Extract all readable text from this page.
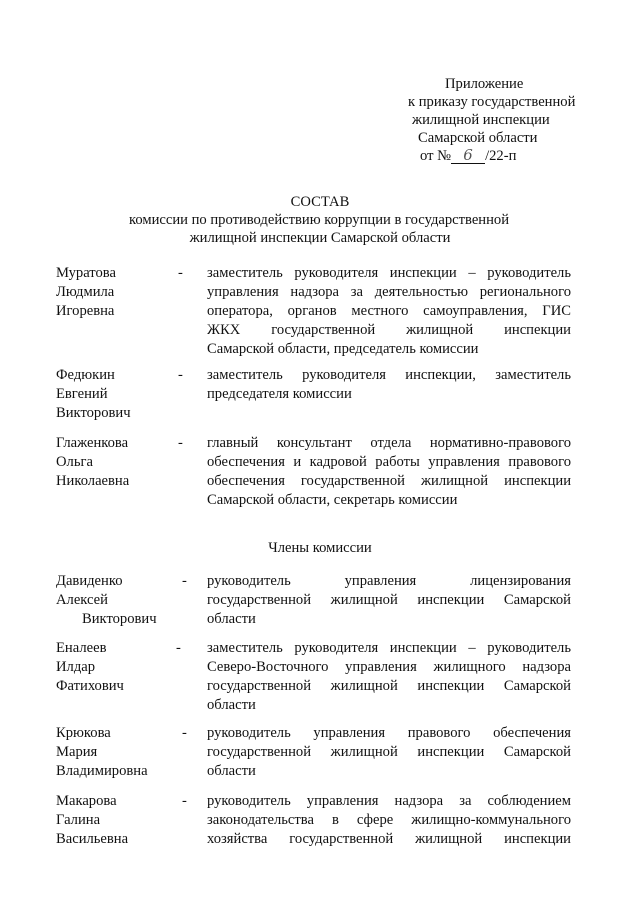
Приложение
к приказу государственной
жилищной инспекции
Самарской области
от № 6 /22-п
СОСТАВ
комиссии по противодействию коррупции в государственной
жилищной инспекции Самарской области
Муратова
Людмила
Игоревна
- заместитель руководителя инспекции – руководитель
управления надзора за деятельностью регионального
оператора, органов местного самоуправления, ГИС
ЖКХ государственной жилищной инспекции
Самарской области, председатель комиссии
Федюкин
Евгений
Викторович
- заместитель руководителя инспекции, заместитель
председателя комиссии
Глаженкова
Ольга
Николаевна
- главный консультант отдела нормативно-правового
обеспечения и кадровой работы управления правового
обеспечения государственной жилищной инспекции
Самарской области, секретарь комиссии
Члены комиссии
Давиденко
Алексей
Викторович
- руководитель управления лицензирования
государственной жилищной инспекции Самарской
области
Еналеев
Илдар
Фатихович
- заместитель руководителя инспекции – руководитель
Северо-Восточного управления жилищного надзора
государственной жилищной инспекции Самарской
области
Крюкова
Мария
Владимировна
- руководитель управления правового обеспечения
государственной жилищной инспекции Самарской
области
Макарова
Галина
Васильевна
- руководитель управления надзора за соблюдением
законодательства в сфере жилищно-коммунального
хозяйства государственной жилищной инспекции
